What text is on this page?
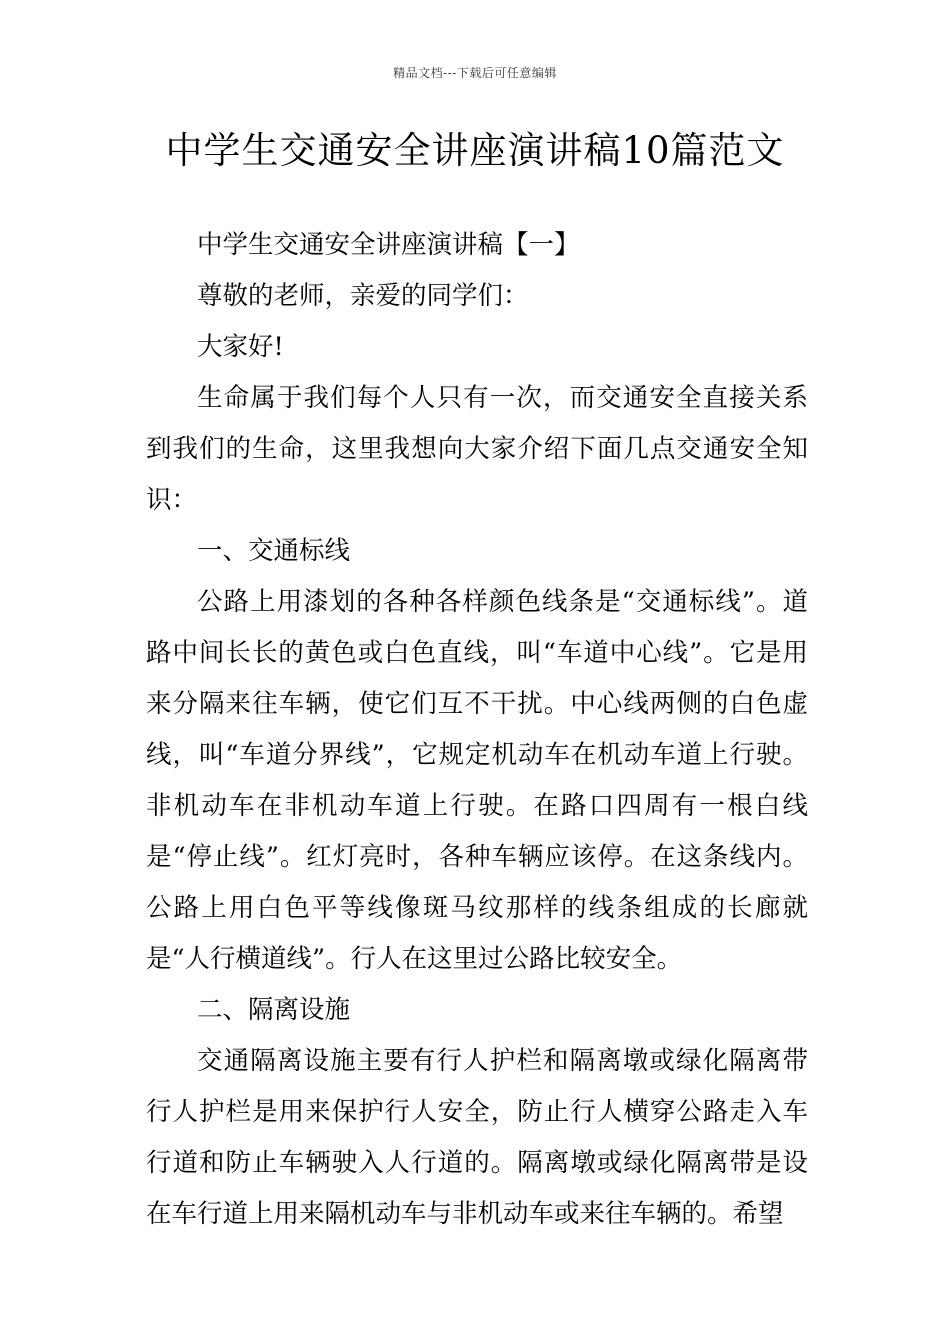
精品文档---下载后可任意编辑
中学生交通安全讲座演讲稿10篇范文

中学生交通安全讲座演讲稿【一】

尊敬的老师，亲爱的同学们：

大家好!

生命属于我们每个人只有一次，而交通安全直接关系到我们的生命，这里我想向大家介绍下面几点交通安全知识：

一、交通标线

公路上用漆划的各种各样颜色线条是“交通标线”。道路中间长长的黄色或白色直线，叫“车道中心线”。它是用来分隔来往车辆，使它们互不干扰。中心线两侧的白色虚线，叫“车道分界线”，它规定机动车在机动车道上行驶。非机动车在非机动车道上行驶。在路口四周有一根白线是“停止线”。红灯亮时，各种车辆应该停。在这条线内。公路上用白色平等线像斑马纹那样的线条组成的长廊就是“人行横道线”。行人在这里过公路比较安全。

二、隔离设施

交通隔离设施主要有行人护栏和隔离墩或绿化隔离带行人护栏是用来保护行人安全，防止行人横穿公路走入车行道和防止车辆驶入人行道的。隔离墩或绿化隔离带是设在车行道上用来隔机动车与非机动车或来往车辆的。希望
